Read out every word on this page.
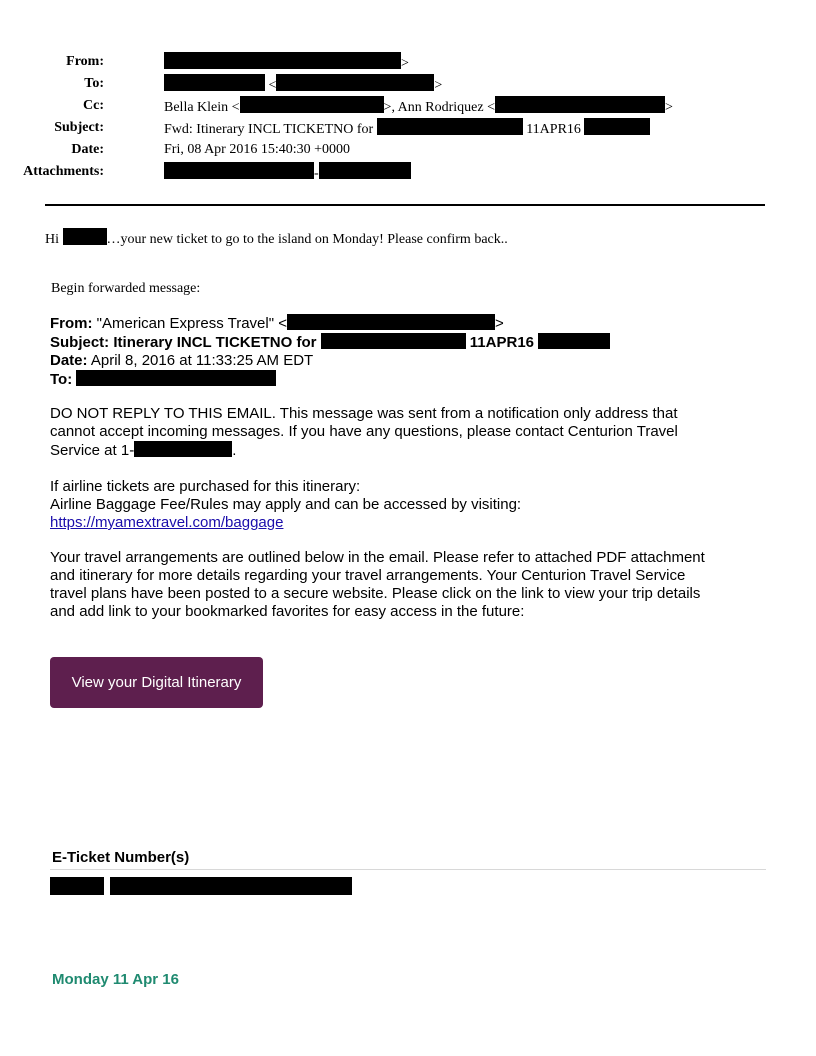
From:	>
To:	<	>
Cc:	Bella Klein <	>, Ann Rodriquez <	>
Subject:	Fwd: Itinerary INCL TICKETNO for	11APR16
Date:	Fri, 08 Apr 2016 15:40:30 +0000
Attachments:	-
Hi	…your new ticket to go to the island on Monday! Please confirm back..
Begin forwarded message:
From: "American Express Travel" <	>
Subject: Itinerary INCL TICKETNO for	11APR16
Date: April 8, 2016 at 11:33:25 AM EDT
To:
DO NOT REPLY TO THIS EMAIL. This message was sent from a notification only address that
cannot accept incoming messages. If you have any questions, please contact Centurion Travel
Service at 1-	.
If airline tickets are purchased for this itinerary:
Airline Baggage Fee/Rules may apply and can be accessed by visiting:
https://myamextravel.com/baggage
Your travel arrangements are outlined below in the email. Please refer to attached PDF attachment
and itinerary for more details regarding your travel arrangements. Your Centurion Travel Service
travel plans have been posted to a secure website. Please click on the link to view your trip details
and add link to your bookmarked favorites for easy access in the future:
View your Digital Itinerary
E-Ticket Number(s)

Monday 11 Apr 16
